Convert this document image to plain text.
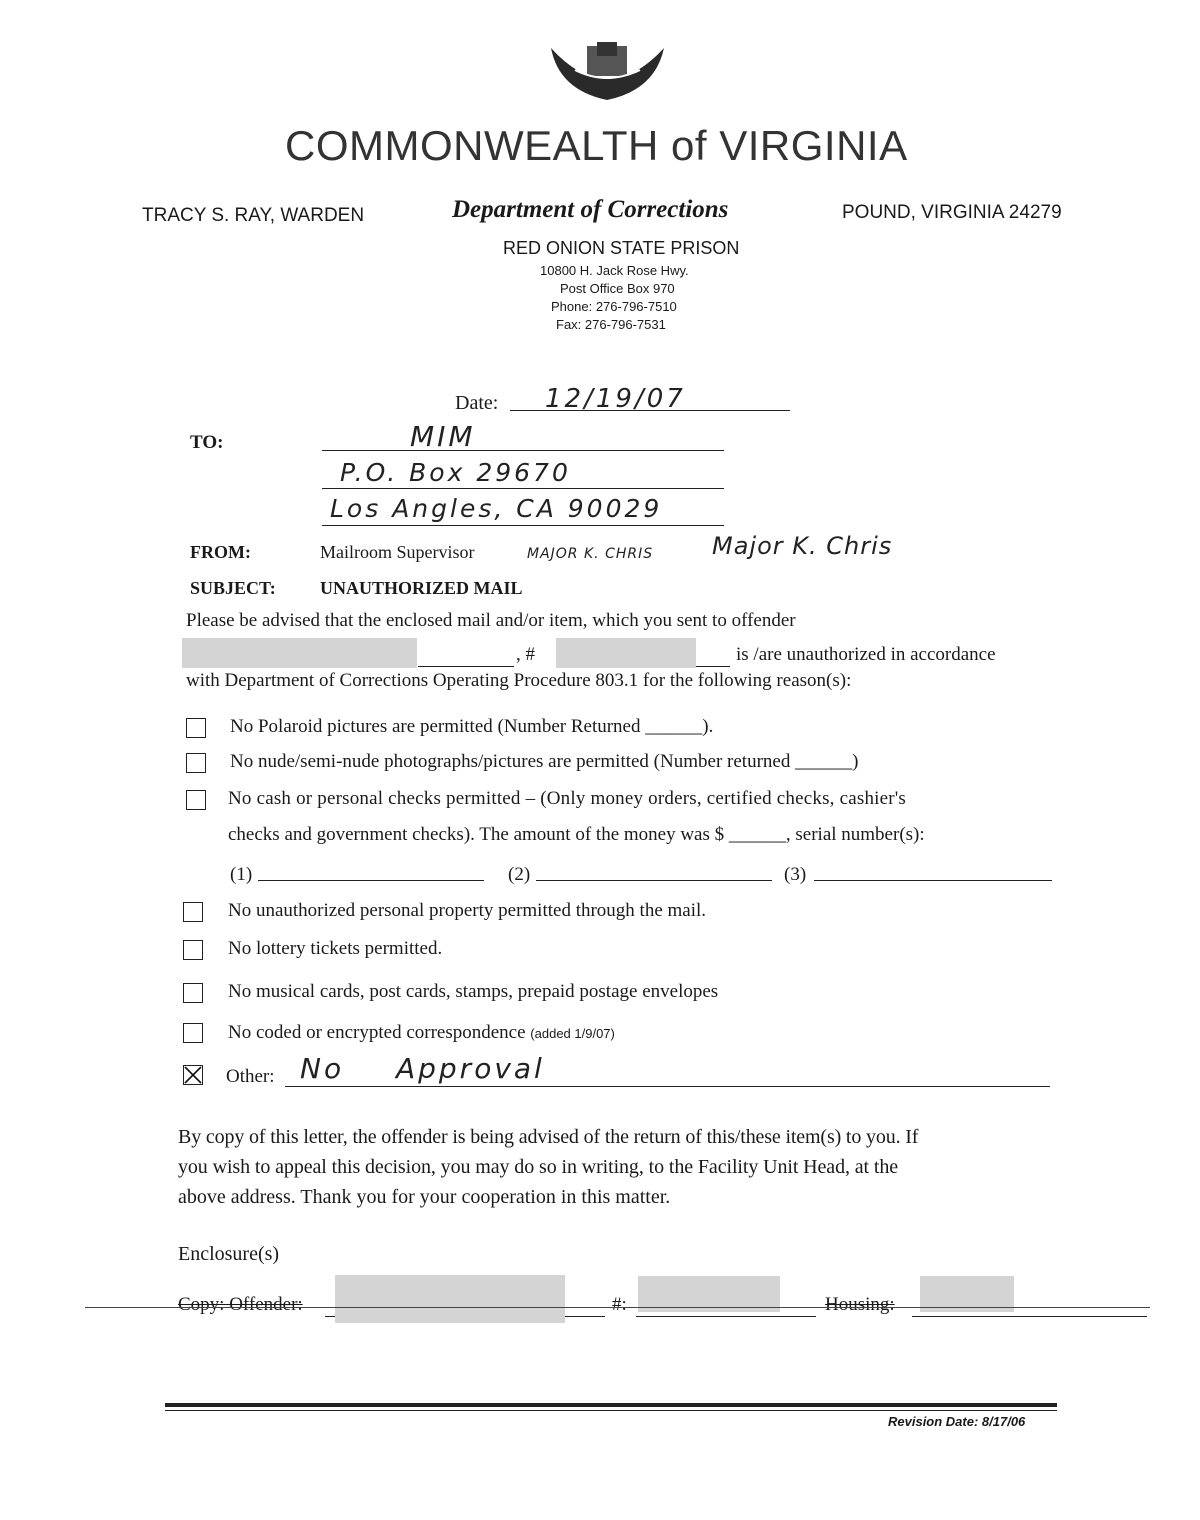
COMMONWEALTH of VIRGINIA
TRACY S. RAY, WARDEN	Department of Corrections	POUND, VIRGINIA 24279
RED ONION STATE PRISON
10800 H. Jack Rose Hwy.
Post Office Box 970
Phone: 276-796-7510
Fax: 276-796-7531
Date: 12/19/07
TO:	MIM
P.O. Box 29670
Los Angles, CA 90029
FROM:	Mailroom Supervisor	MAJOR K. CHRIS Major K. Chris
SUBJECT: UNAUTHORIZED MAIL
Please be advised that the enclosed mail and/or item, which you sent to offender
, #	is /are unauthorized in accordance
with Department of Corrections Operating Procedure 803.1 for the following reason(s):
No Polaroid pictures are permitted (Number Returned ______).
No nude/semi-nude photographs/pictures are permitted (Number returned ______)
No cash or personal checks permitted – (Only money orders, certified checks, cashier's
checks and government checks). The amount of the money was $ ______, serial number(s):
(1)	(2)	(3)
No unauthorized personal property permitted through the mail.
No lottery tickets permitted.
No musical cards, post cards, stamps, prepaid postage envelopes
No coded or encrypted correspondence (added 1/9/07)
Other: No Approval
By copy of this letter, the offender is being advised of the return of this/these item(s) to you. If
you wish to appeal this decision, you may do so in writing, to the Facility Unit Head, at the
above address. Thank you for your cooperation in this matter.
Enclosure(s)
Copy: Offender:	#:	Housing:
Revision Date: 8/17/06
